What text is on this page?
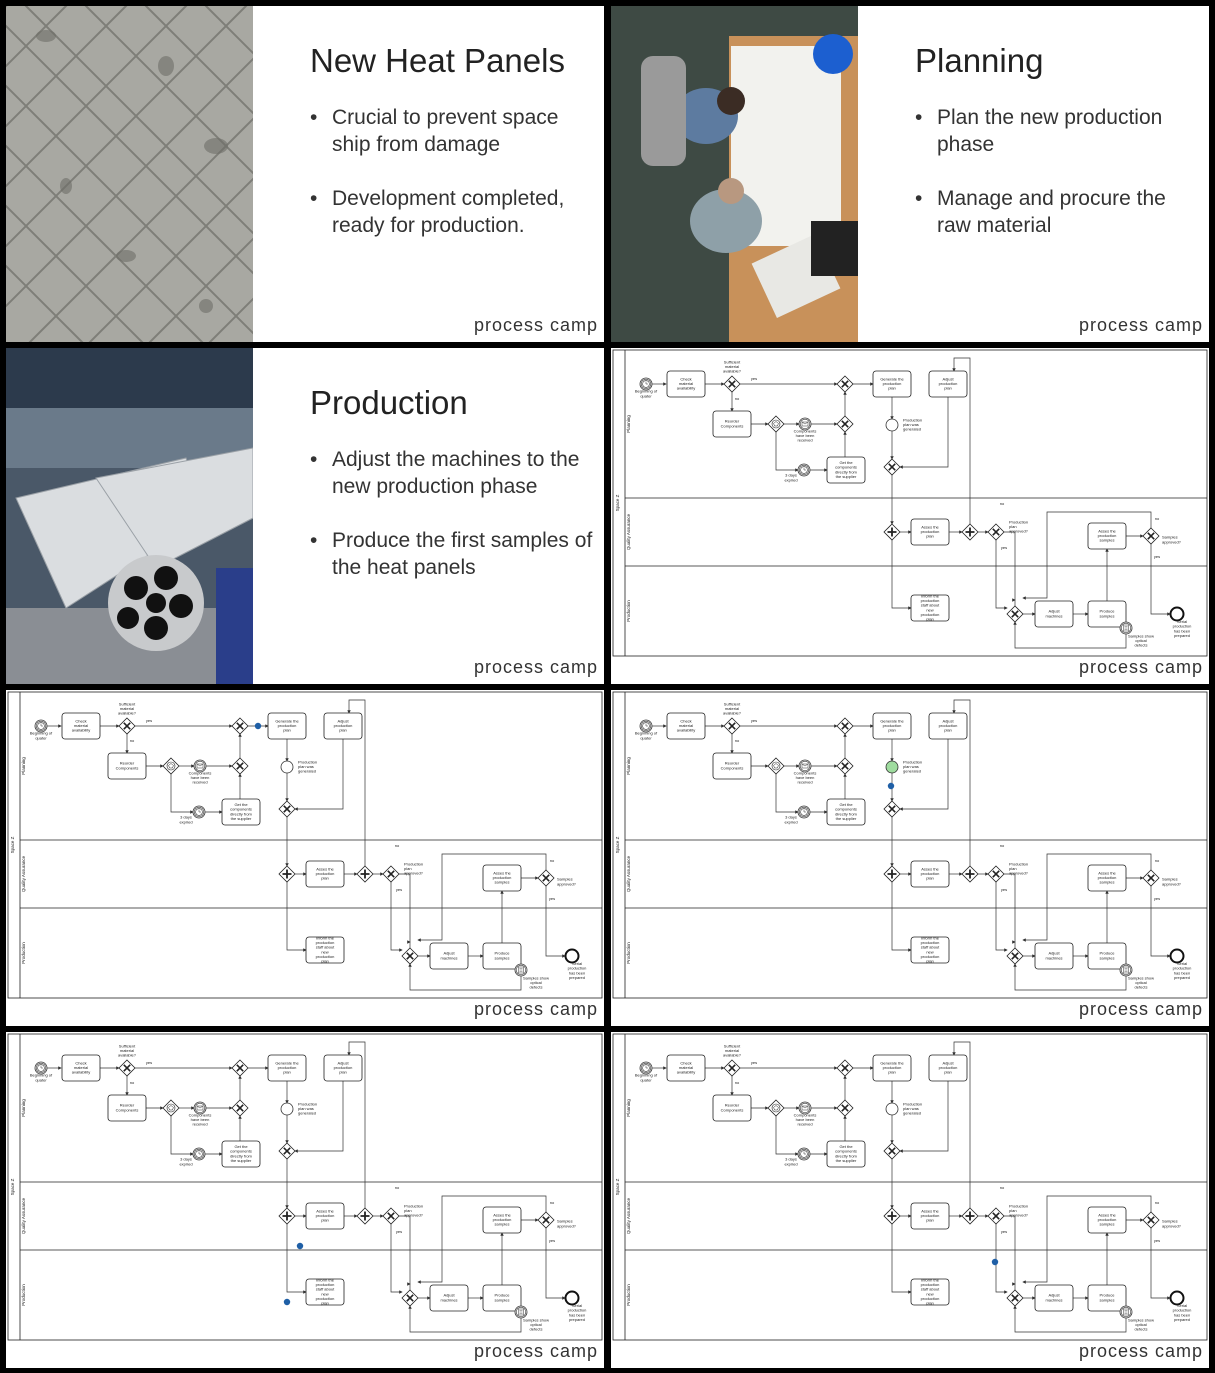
New Heat Panels
• Crucial to prevent space ship from damage
• Development completed, ready for production.
process camp
Planning
• Plan the new production phase
• Manage and procure the raw material
process camp
Production
• Adjust the machines to the new production phase
• Produce the first samples of the heat panels
process camp
Space Z
Planning
Quality Assurance
Production
Beginning of quater
Check material availability
Sufficient material available?
yes
no
Reorder Components
Components have been received
3 days expired
Get the components directly from the supplier
Generate the production plan
Adjust production plan
Production plan was generated
Asses the production plan
Production plan approved?
no
yes
Asses the production samples
Samples approved?
no
yes
Inform the production staff about new production plan
Adjust machines
Produce samples
Samples show optical defects
Serial production has been prepared
process camp
Space Z
Planning
Quality Assurance
Production
Beginning of quater
Check material availability
Sufficient material available?
yes
no
Reorder Components
Components have been received
3 days expired
Get the components directly from the supplier
Generate the production plan
Adjust production plan
Production plan was generated
Asses the production plan
Production plan approved?
no
yes
Asses the production samples
Samples approved?
no
yes
Inform the production staff about new production plan
Adjust machines
Produce samples
Samples show optical defects
Serial production has been prepared
process camp
Space Z
Planning
Quality Assurance
Production
Beginning of quater
Check material availability
Sufficient material available?
yes
no
Reorder Components
Components have been received
3 days expired
Get the components directly from the supplier
Generate the production plan
Adjust production plan
Production plan was generated
Asses the production plan
Production plan approved?
no
yes
Asses the production samples
Samples approved?
no
yes
Inform the production staff about new production plan
Adjust machines
Produce samples
Samples show optical defects
Serial production has been prepared
process camp
Space Z
Planning
Quality Assurance
Production
Beginning of quater
Check material availability
Sufficient material available?
yes
no
Reorder Components
Components have been received
3 days expired
Get the components directly from the supplier
Generate the production plan
Adjust production plan
Production plan was generated
Asses the production plan
Production plan approved?
no
yes
Asses the production samples
Samples approved?
no
yes
Inform the production staff about new production plan
Adjust machines
Produce samples
Samples show optical defects
Serial production has been prepared
process camp
Space Z
Planning
Quality Assurance
Production
Beginning of quater
Check material availability
Sufficient material available?
yes
no
Reorder Components
Components have been received
3 days expired
Get the components directly from the supplier
Generate the production plan
Adjust production plan
Production plan was generated
Asses the production plan
Production plan approved?
no
yes
Asses the production samples
Samples approved?
no
yes
Inform the production staff about new production plan
Adjust machines
Produce samples
Samples show optical defects
Serial production has been prepared
process camp
